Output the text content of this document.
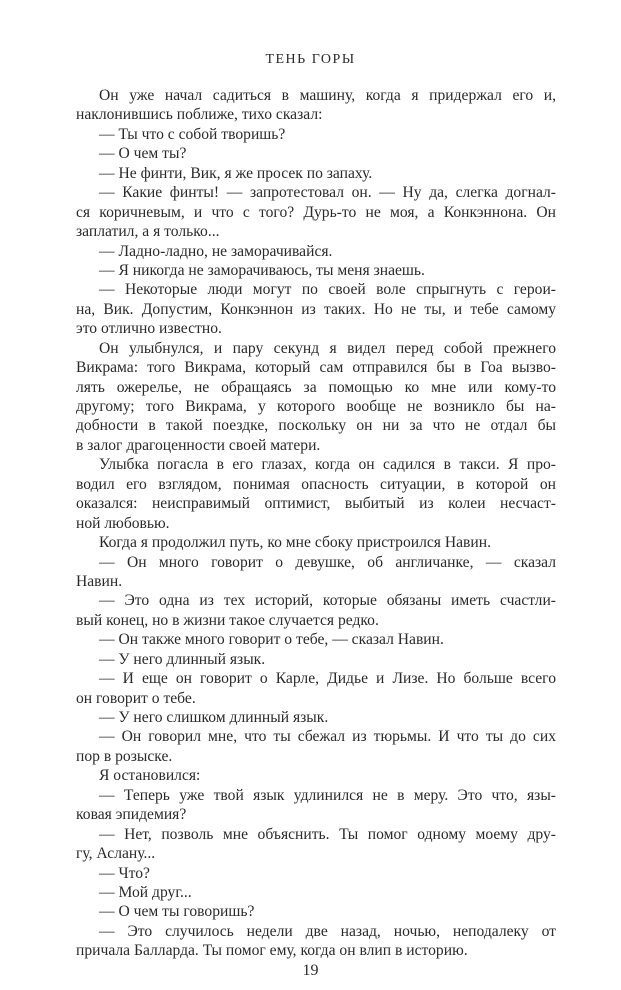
ТЕНЬ ГОРЫ
Он уже начал садиться в машину, когда я придержал его и,
наклонившись поближе, тихо сказал:
— Ты что с собой творишь?
— О чем ты?
— Не финти, Вик, я же просек по запаху.
— Какие финты! — запротестовал он. — Ну да, слегка догнал-
ся коричневым, и что с того? Дурь-то не моя, а Конкэннона. Он
заплатил, а я только...
— Ладно-ладно, не заморачивайся.
— Я никогда не заморачиваюсь, ты меня знаешь.
— Некоторые люди могут по своей воле спрыгнуть с герои-
на, Вик. Допустим, Конкэннон из таких. Но не ты, и тебе самому
это отлично известно.
Он улыбнулся, и пару секунд я видел перед собой прежнего
Викрама: того Викрама, который сам отправился бы в Гоа вызво-
лять ожерелье, не обращаясь за помощью ко мне или кому-то
другому; того Викрама, у которого вообще не возникло бы на-
добности в такой поездке, поскольку он ни за что не отдал бы
в залог драгоценности своей матери.
Улыбка погасла в его глазах, когда он садился в такси. Я про-
водил его взглядом, понимая опасность ситуации, в которой он
оказался: неисправимый оптимист, выбитый из колеи несчаст-
ной любовью.
Когда я продолжил путь, ко мне сбоку пристроился Навин.
— Он много говорит о девушке, об англичанке, — сказал
Навин.
— Это одна из тех историй, которые обязаны иметь счастли-
вый конец, но в жизни такое случается редко.
— Он также много говорит о тебе, — сказал Навин.
— У него длинный язык.
— И еще он говорит о Карле, Дидье и Лизе. Но больше всего
он говорит о тебе.
— У него слишком длинный язык.
— Он говорил мне, что ты сбежал из тюрьмы. И что ты до сих
пор в розыске.
Я остановился:
— Теперь уже твой язык удлинился не в меру. Это что, язы-
ковая эпидемия?
— Нет, позволь мне объяснить. Ты помог одному моему дру-
гу, Аслану...
— Что?
— Мой друг...
— О чем ты говоришь?
— Это случилось недели две назад, ночью, неподалеку от
причала Балларда. Ты помог ему, когда он влип в историю.
19
